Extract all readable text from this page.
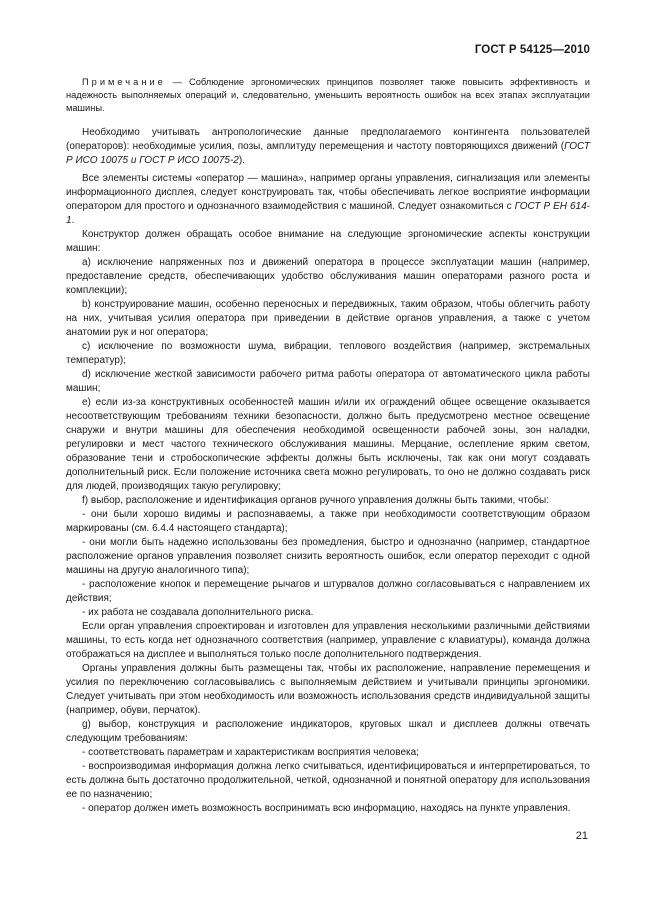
ГОСТ Р 54125—2010

Примечание — Соблюдение эргономических принципов позволяет также повысить эффективность и надежность выполняемых операций и, следовательно, уменьшить вероятность ошибок на всех этапах эксплуатации машины.

Необходимо учитывать антропологические данные предполагаемого контингента пользователей (операторов): необходимые усилия, позы, амплитуду перемещения и частоту повторяющихся движений (ГОСТ Р ИСО 10075 и ГОСТ Р ИСО 10075-2).

Все элементы системы «оператор — машина», например органы управления, сигнализация или элементы информационного дисплея, следует конструировать так, чтобы обеспечивать легкое восприятие информации оператором для простого и однозначного взаимодействия с машиной. Следует ознакомиться с ГОСТ Р ЕН 614-1.

Конструктор должен обращать особое внимание на следующие эргономические аспекты конструкции машин:

a) исключение напряженных поз и движений оператора в процессе эксплуатации машин (например, предоставление средств, обеспечивающих удобство обслуживания машин операторами разного роста и комплекции);

b) конструирование машин, особенно переносных и передвижных, таким образом, чтобы облегчить работу на них, учитывая усилия оператора при приведении в действие органов управления, а также с учетом анатомии рук и ног оператора;

c) исключение по возможности шума, вибрации, теплового воздействия (например, экстремальных температур);

d) исключение жесткой зависимости рабочего ритма работы оператора от автоматического цикла работы машин;

e) если из-за конструктивных особенностей машин и/или их ограждений общее освещение оказывается несоответствующим требованиям техники безопасности, должно быть предусмотрено местное освещение снаружи и внутри машины для обеспечения необходимой освещенности рабочей зоны, зон наладки, регулировки и мест частого технического обслуживания машины. Мерцание, ослепление ярким светом, образование тени и стробоскопические эффекты должны быть исключены, так как они могут создавать дополнительный риск. Если положение источника света можно регулировать, то оно не должно создавать риск для людей, производящих такую регулировку;

f) выбор, расположение и идентификация органов ручного управления должны быть такими, чтобы:

- они были хорошо видимы и распознаваемы, а также при необходимости соответствующим образом маркированы (см. 6.4.4 настоящего стандарта);

- они могли быть надежно использованы без промедления, быстро и однозначно (например, стандартное расположение органов управления позволяет снизить вероятность ошибок, если оператор переходит с одной машины на другую аналогичного типа);

- расположение кнопок и перемещение рычагов и штурвалов должно согласовываться с направлением их действия;

- их работа не создавала дополнительного риска.

Если орган управления спроектирован и изготовлен для управления несколькими различными действиями машины, то есть когда нет однозначного соответствия (например, управление с клавиатуры), команда должна отображаться на дисплее и выполняться только после дополнительного подтверждения.

Органы управления должны быть размещены так, чтобы их расположение, направление перемещения и усилия по переключению согласовывались с выполняемым действием и учитывали принципы эргономики. Следует учитывать при этом необходимость или возможность использования средств индивидуальной защиты (например, обуви, перчаток).

g) выбор, конструкция и расположение индикаторов, круговых шкал и дисплеев должны отвечать следующим требованиям:

- соответствовать параметрам и характеристикам восприятия человека;

- воспроизводимая информация должна легко считываться, идентифицироваться и интерпретироваться, то есть должна быть достаточно продолжительной, четкой, однозначной и понятной оператору для использования ее по назначению;

- оператор должен иметь возможность воспринимать всю информацию, находясь на пункте управления.

21
